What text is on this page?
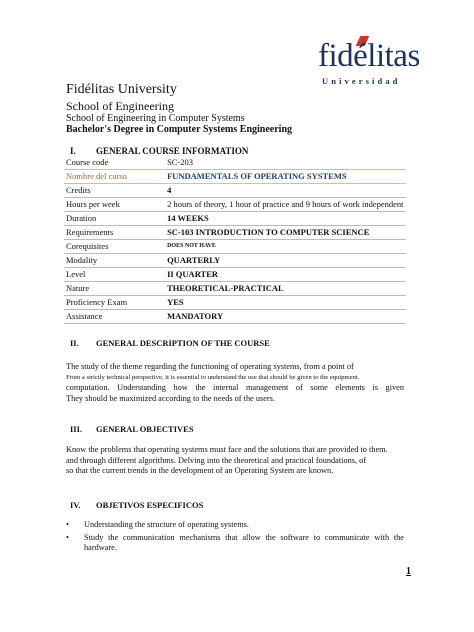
fidélitas
Universidad
Fidélitas University
School of Engineering
School of Engineering in Computer Systems
Bachelor's Degree in Computer Systems Engineering
I. GENERAL COURSE INFORMATION
Course code	SC-203
Nombre del curso	FUNDAMENTALS OF OPERATING SYSTEMS
Credits	4
Hours per week	2 hours of theory, 1 hour of practice and 9 hours of work independent
Duration	14 WEEKS
Requirements	SC-103 INTRODUCTION TO COMPUTER SCIENCE
Corequisites	DOES NOT HAVE
Modality	QUARTERLY
Level	II QUARTER
Nature	THEORETICAL-PRACTICAL
Proficiency Exam	YES
Assistance	MANDATORY
II. GENERAL DESCRIPTION OF THE COURSE
The study of the theme regarding the functioning of operating systems, from a point of
From a strictly technical perspective, it is essential to understand the use that should be given to the equipment.
computation. Understanding how the internal management of some elements is given
They should be maximized according to the needs of the users.
III. GENERAL OBJECTIVES
Know the problems that operating systems must face and the solutions that are provided to them.
and through different algorithms. Delving into the theoretical and practical foundations, of
so that the current trends in the development of an Operating System are known.
IV. OBJETIVOS ESPECIFICOS
• Understanding the structure of operating systems.
• Study the communication mechanisms that allow the software to communicate with the hardware.
1
